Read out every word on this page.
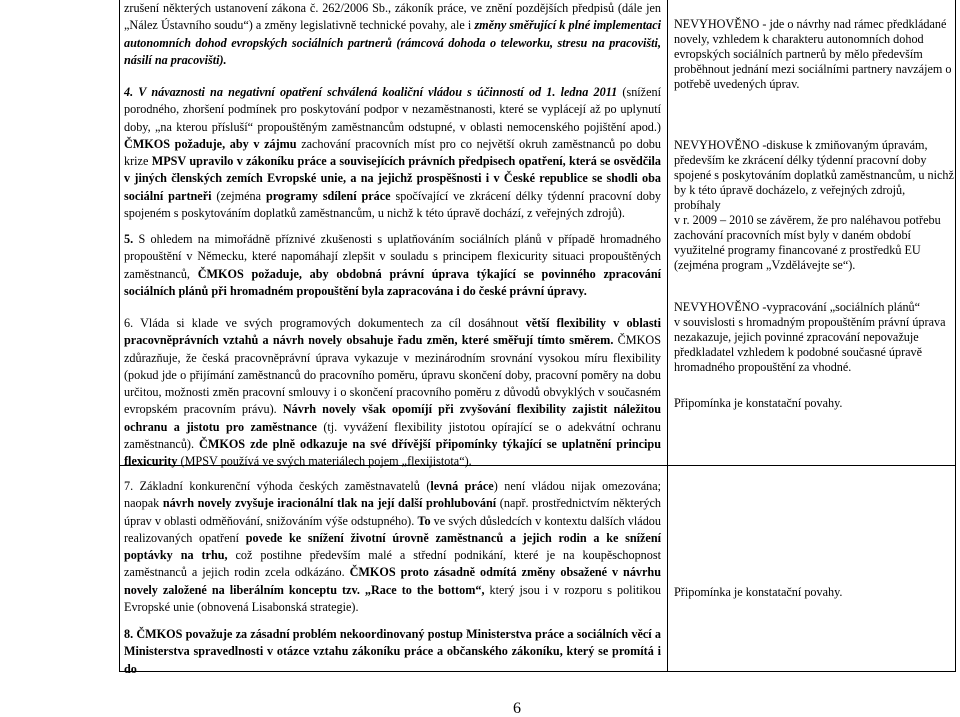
zrušení některých ustanovení zákona č. 262/2006 Sb., zákoník práce, ve znění pozdějších předpisů (dále jen „Nález Ústavního soudu“) a změny legislativně technické povahy, ale i změny směřující k plné implementaci autonomních dohod evropských sociálních partnerů (rámcová dohoda o teleworku, stresu na pracovišti, násilí na pracovišti).
4. V návaznosti na negativní opatření schválená koaliční vládou s účinností od 1. ledna 2011 (snížení porodného, zhoršení podmínek pro poskytování podpor v nezaměstnanosti, které se vyplácejí až po uplynutí doby, „na kterou přísluší“ propouštěným zaměstnancům odstupné, v oblasti nemocenského pojištění apod.) ČMKOS požaduje, aby v zájmu zachování pracovních míst pro co největší okruh zaměstnanců po dobu krize MPSV upravilo v zákoníku práce a souvisejících právních předpisech opatření, která se osvědčila v jiných členských zemích Evropské unie, a na jejichž prospěšnosti i v České republice se shodli oba sociální partneři (zejména programy sdílení práce spočívající ve zkrácení délky týdenní pracovní doby spojeném s poskytováním doplatků zaměstnancům, u nichž k této úpravě dochází, z veřejných zdrojů).
5. S ohledem na mimořádně příznivé zkušenosti s uplatňováním sociálních plánů v případě hromadného propouštění v Německu, které napomáhají zlepšit v souladu s principem flexicurity situaci propouštěných zaměstnanců, ČMKOS požaduje, aby obdobná právní úprava týkající se povinného zpracování sociálních plánů při hromadném propouštění byla zapracována i do české právní úpravy.
6. Vláda si klade ve svých programových dokumentech za cíl dosáhnout větší flexibility v oblasti pracovněprávních vztahů a návrh novely obsahuje řadu změn, které směřují tímto směrem. ČMKOS zdůrazňuje, že česká pracovněprávní úprava vykazuje v mezinárodním srovnání vysokou míru flexibility (pokud jde o přijímání zaměstnanců do pracovního poměru, úpravu skončení doby, pracovní poměry na dobu určitou, možnosti změn pracovní smlouvy i o skončení pracovního poměru z důvodů obvyklých v současném evropském pracovním právu). Návrh novely však opomíjí při zvyšování flexibility zajistit náležitou ochranu a jistotu pro zaměstnance (tj. vyvážení flexibility jistotou opírající se o adekvátní ochranu zaměstnanců). ČMKOS zde plně odkazuje na své dřívější připomínky týkající se uplatnění principu flexicurity (MPSV používá ve svých materiálech pojem „flexijistota“).
7. Základní konkurenční výhoda českých zaměstnavatelů (levná práce) není vládou nijak omezována; naopak návrh novely zvyšuje iracionální tlak na její další prohlubování (např. prostřednictvím některých úprav v oblasti odměňování, snižováním výše odstupného). To ve svých důsledcích v kontextu dalších vládou realizovaných opatření povede ke snížení životní úrovně zaměstnanců a jejich rodin a ke snížení poptávky na trhu, což postihne především malé a střední podnikání, které je na koupěschopnost zaměstnanců a jejich rodin zcela odkázáno. ČMKOS proto zásadně odmítá změny obsažené v návrhu novely založené na liberálním konceptu tzv. „Race to the bottom“, který jsou i v rozporu s politikou Evropské unie (obnovená Lisabonská strategie).
8. ČMKOS považuje za zásadní problém nekoordinovaný postup Ministerstva práce a sociálních věcí a Ministerstva spravedlnosti v otázce vztahu zákoníku práce a občanského zákoníku, který se promítá i do
NEVYHOVĚNO - jde o návrhy nad rámec předkládané
novely, vzhledem k charakteru autonomních dohod
evropských sociálních partnerů by mělo především
proběhnout jednání mezi sociálními partnery navzájem o
potřebě uvedených úprav.
NEVYHOVĚNO -diskuse k zmiňovaným úpravám,
především ke zkrácení délky týdenní pracovní doby
spojené s poskytováním doplatků zaměstnancům, u nichž
by k této úpravě docházelo, z veřejných zdrojů, probíhaly
v r. 2009 – 2010 se závěrem, že pro naléhavou potřebu
zachování pracovních míst byly v daném období
využitelné programy financované z prostředků EU
(zejména program „Vzdělávejte se“).
NEVYHOVĚNO -vypracování „sociálních plánů“
v souvislosti s hromadným propouštěním právní úprava
nezakazuje, jejich povinné zpracování nepovažuje
předkladatel vzhledem k podobné současné úpravě
hromadného propouštění za vhodné.
Připomínka je konstatační povahy.
Připomínka je konstatační povahy.
6
